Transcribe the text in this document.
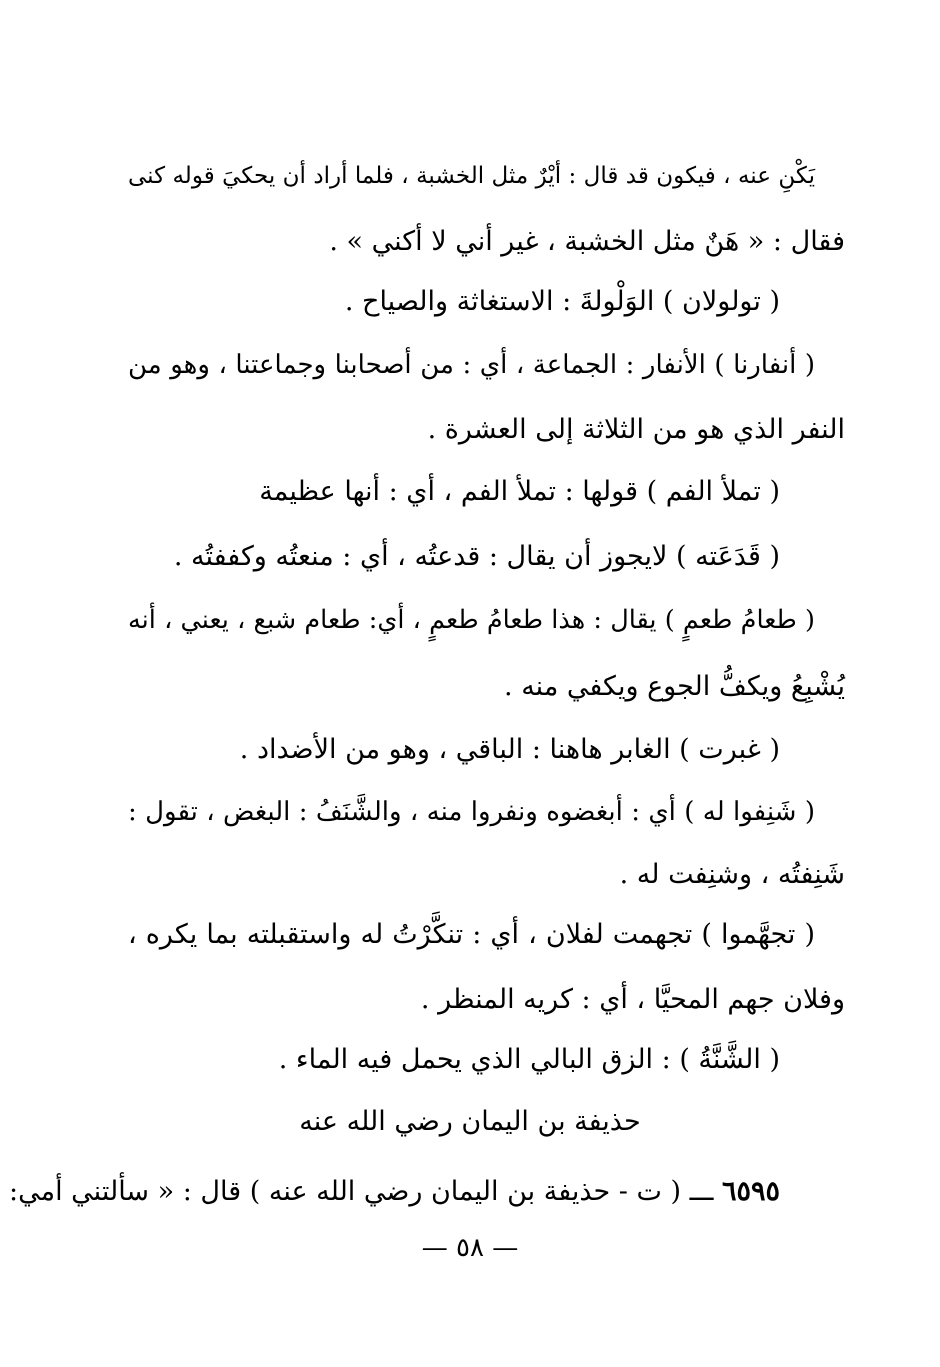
يَكْنِ عنه ، فيكون قد قال : أيْرٌ مثل الخشبة ، فلما أراد أن يحكيَ قوله كنى
فقال : « هَنٌ مثل الخشبة ، غير أني لا أكني » .
( تولولان ) الوَلْولةَ : الاستغاثة والصياح .
( أنفارنا ) الأنفار : الجماعة ، أي : من أصحابنا وجماعتنا ، وهو من
النفر الذي هو من الثلاثة إلى العشرة .
( تملأ الفم ) قولها : تملأ الفم ، أي : أنها عظيمة
( قَدَعَته ) لايجوز أن يقال : قدعتُه ، أي : منعتُه وكففتُه .
( طعامُ طعمٍ ) يقال : هذا طعامُ طعمٍ ، أي: طعام شبع ، يعني ، أنه
يُشْبِعُ ويكفُّ الجوع ويكفي منه .
( غبرت ) الغابر هاهنا : الباقي ، وهو من الأضداد .
( شَنِفوا له ) أي : أبغضوه ونفروا منه ، والشَّنَفُ : البغض ، تقول :
شَنِفتُه ، وشنِفت له .
( تجهَّموا ) تجهمت لفلان ، أي : تنكَّرْتُ له واستقبلته بما يكره ،
وفلان جهم المحيَّا ، أي : كريه المنظر .
( الشَّنَّةُ ) : الزق البالي الذي يحمل فيه الماء .
حذيفة بن اليمان رضي الله عنه
٦٥٩٥ ـــ ( ت - حذيفة بن اليمان رضي الله عنه ) قال : « سألتني أمي:
— ٥٨ —
